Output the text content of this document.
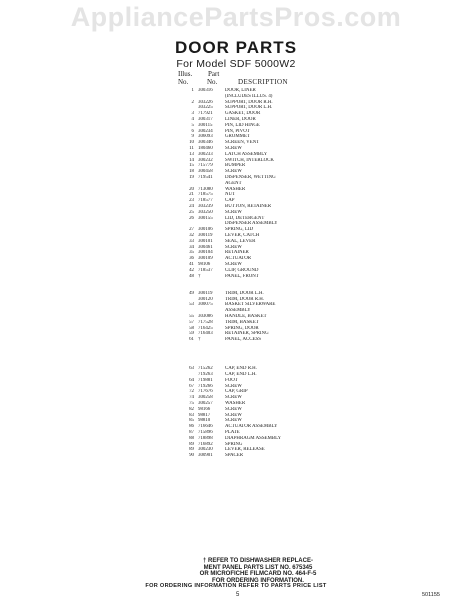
AppliancePartsPros.com
DOOR PARTS
For Model SDF 5000W2
Illus. Part
No.	No.	DESCRIPTION
1 300316	DOOR, LINER
(INCLUDES ILLUS. 4)
2 303226	SUPPORT, DOOR R.H.
303225	SUPPORT, DOOR L.H.
3 717921	GASKET, DOOR
4 300317	LINER, DOOR
5 300115	PIN, LID HINGE
6 300234	PIN, PIVOT
9 306093	GROMMET
10 300346	SCREEN, VENT
11 180460	SCREW
13 300233	LATCH ASSEMBLY
14 300232	SWITCH, INTERLOCK
15 715779	BUMPER
18 300458	SCREW
19 719541	DISPENSER, WETTING
AGENT
20 713080	WASHER
21 718575	NUT
23 718577	CAP
24 303239	BUTTON, RETAINER
25 303250	SCREW
26 300155	LID, DETERGENT
DISPENSER ASSEMBLY
27 300106	SPRING, LID
32 300119	LEVER, CATCH
33 300101	SEAL, LEVER
34 300461	SCREW
35 300104	RETAINER
36 300109	ACTUATOR
41 98106	SCREW
42 718537	CLIP, GROUND
48 †	PANEL, FRONT
49 300119	TRIM, DOOR L.H.
300120	TRIM, DOOR R.H.
53 300075	BASKET SILVERWARE
ASSEMBLY
55 303086	HANDLE, BASKET
57 717528	TRIM, BASKET
58 716425	SPRING, DOOR
59 716403	RETAINER, SPRING
61 †	PANEL, ACCESS
63 715262	CAP, END R.H.
719263	CAP, END L.H.
64 719881	FOOT
67 719266	SCREW
72 717676	CAP, GRIP
74 300258	SCREW
75 300257	WASHER
82 98166	SCREW
83 98817	SCREW
85 98810	SCREW
86 716646	ACTUATOR ASSEMBLY
87 715896	PLATE
88 718898	DIAPHRAGM ASSEMBLY
89 716892	SPRING
89 300230	LEVER, RELEASE
90 300901	SPACER
† REFER TO DISHWASHER REPLACE-
MENT PANEL PARTS LIST NO. 675345
OR MICROFICHE FILMCARD NO. 464-F-5
FOR ORDERING INFORMATION.
FOR ORDERING INFORMATION REFER TO PARTS PRICE LIST
5	501155
